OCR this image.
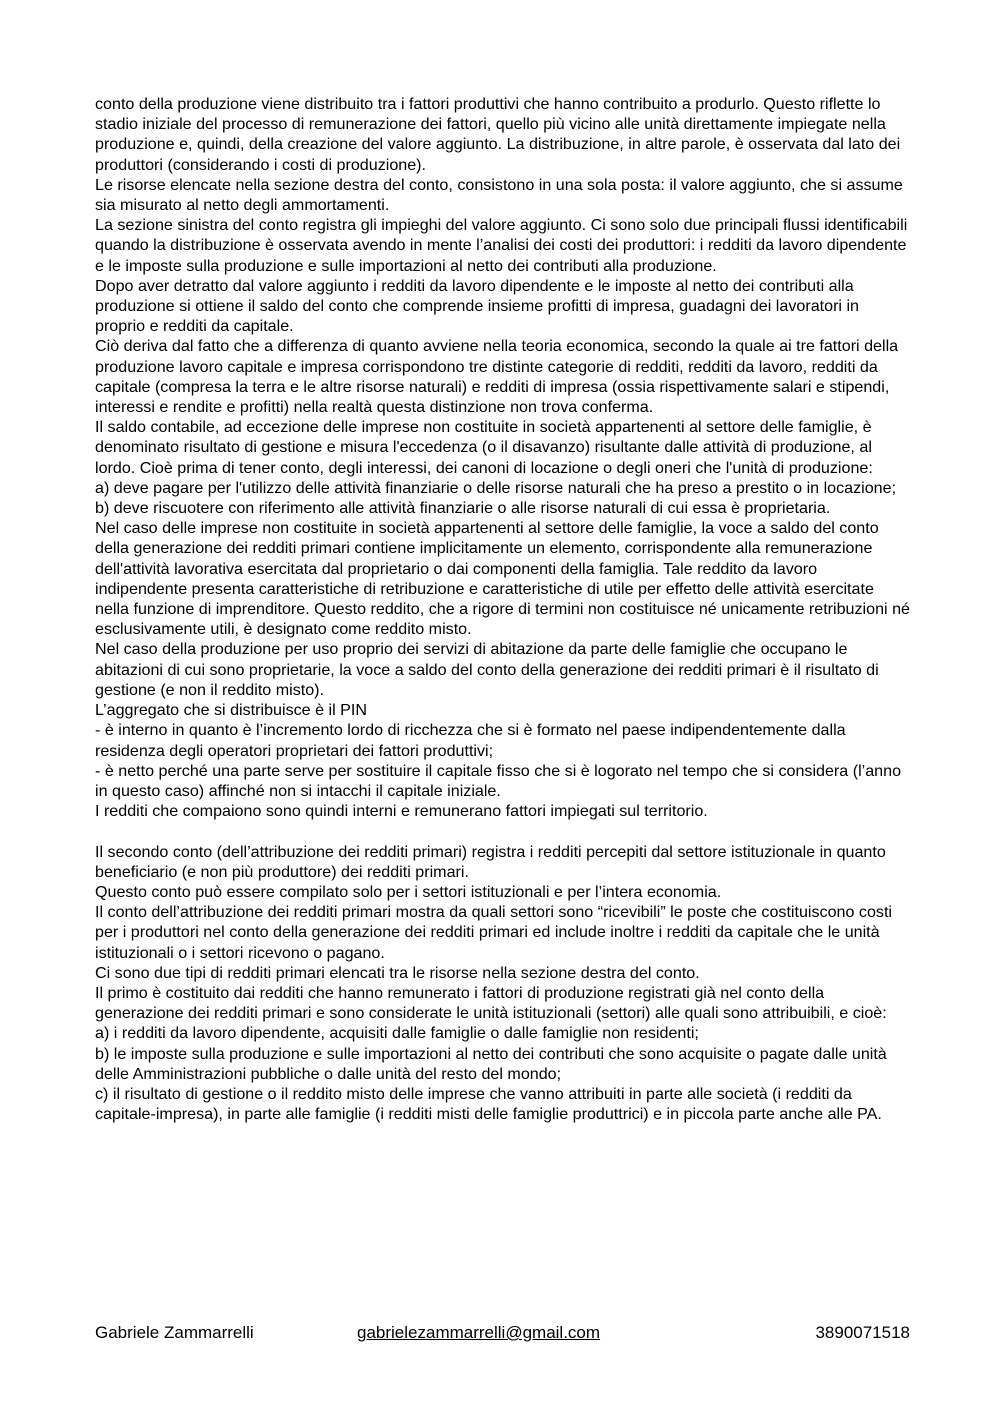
conto della produzione viene distribuito tra i fattori produttivi che hanno contribuito a produrlo. Questo riflette lo stadio iniziale del processo di remunerazione dei fattori, quello più vicino alle unità direttamente impiegate nella produzione e, quindi, della creazione del valore aggiunto. La distribuzione, in altre parole, è osservata dal lato dei produttori (considerando i costi di produzione).

Le risorse elencate nella sezione destra del conto, consistono in una sola posta: il valore aggiunto, che si assume sia misurato al netto degli ammortamenti.

La sezione sinistra del conto registra gli impieghi del valore aggiunto. Ci sono solo due principali flussi identificabili quando la distribuzione è osservata avendo in mente l’analisi dei costi dei produttori: i redditi da lavoro dipendente e le imposte sulla produzione e sulle importazioni al netto dei contributi alla produzione.

Dopo aver detratto dal valore aggiunto i redditi da lavoro dipendente e le imposte al netto dei contributi alla produzione si ottiene il saldo del conto che comprende insieme profitti di impresa, guadagni dei lavoratori in proprio e redditi da capitale.

Ciò deriva dal fatto che a differenza di quanto avviene nella teoria economica, secondo la quale ai tre fattori della produzione lavoro capitale e impresa corrispondono tre distinte categorie di redditi, redditi da lavoro, redditi da capitale (compresa la terra e le altre risorse naturali) e redditi di impresa (ossia rispettivamente salari e stipendi, interessi e rendite e profitti) nella realtà questa distinzione non trova conferma.

Il saldo contabile, ad eccezione delle imprese non costituite in società appartenenti al settore delle famiglie, è denominato risultato di gestione e misura l'eccedenza (o il disavanzo) risultante dalle attività di produzione, al lordo. Cioè prima di tener conto, degli interessi, dei canoni di locazione o degli oneri che l'unità di produzione:

a) deve pagare per l'utilizzo delle attività finanziarie o delle risorse naturali che ha preso a prestito o in locazione;

b) deve riscuotere con riferimento alle attività finanziarie o alle risorse naturali di cui essa è proprietaria.

Nel caso delle imprese non costituite in società appartenenti al settore delle famiglie, la voce a saldo del conto della generazione dei redditi primari contiene implicitamente un elemento, corrispondente alla remunerazione dell'attività lavorativa esercitata dal proprietario o dai componenti della famiglia. Tale reddito da lavoro indipendente presenta caratteristiche di retribuzione e caratteristiche di utile per effetto delle attività esercitate nella funzione di imprenditore. Questo reddito, che a rigore di termini non costituisce né unicamente retribuzioni né esclusivamente utili, è designato come reddito misto.

Nel caso della produzione per uso proprio dei servizi di abitazione da parte delle famiglie che occupano le abitazioni di cui sono proprietarie, la voce a saldo del conto della generazione dei redditi primari è il risultato di gestione (e non il reddito misto).

L’aggregato che si distribuisce è il PIN

- è interno in quanto è l’incremento lordo di ricchezza che si è formato nel paese indipendentemente dalla residenza degli operatori proprietari dei fattori produttivi;

- è netto perché una parte serve per sostituire il capitale fisso che si è logorato nel tempo che si considera (l’anno in questo caso) affinché non si intacchi il capitale iniziale.

I redditi che compaiono sono quindi interni e remunerano fattori impiegati sul territorio.

Il secondo conto (dell’attribuzione dei redditi primari) registra i redditi percepiti dal settore istituzionale in quanto beneficiario (e non più produttore) dei redditi primari.

Questo conto può essere compilato solo per i settori istituzionali e per l’intera economia.

Il conto dell’attribuzione dei redditi primari mostra da quali settori sono “ricevibili” le poste che costituiscono costi per i produttori nel conto della generazione dei redditi primari ed include inoltre i redditi da capitale che le unità istituzionali o i settori ricevono o pagano.

Ci sono due tipi di redditi primari elencati tra le risorse nella sezione destra del conto.

Il primo è costituito dai redditi che hanno remunerato i fattori di produzione registrati già nel conto della generazione dei redditi primari e sono considerate le unità istituzionali (settori) alle quali sono attribuibili, e cioè:

a) i redditi da lavoro dipendente, acquisiti dalle famiglie o dalle famiglie non residenti;

b) le imposte sulla produzione e sulle importazioni al netto dei contributi che sono acquisite o pagate dalle unità delle Amministrazioni pubbliche o dalle unità del resto del mondo;

c) il risultato di gestione o il reddito misto delle imprese che vanno attribuiti in parte alle società (i redditi da capitale-impresa), in parte alle famiglie (i redditi misti delle famiglie produttrici) e in piccola parte anche alle PA.

Gabriele Zammarrelli	gabrielezammarrelli@gmail.com	3890071518
